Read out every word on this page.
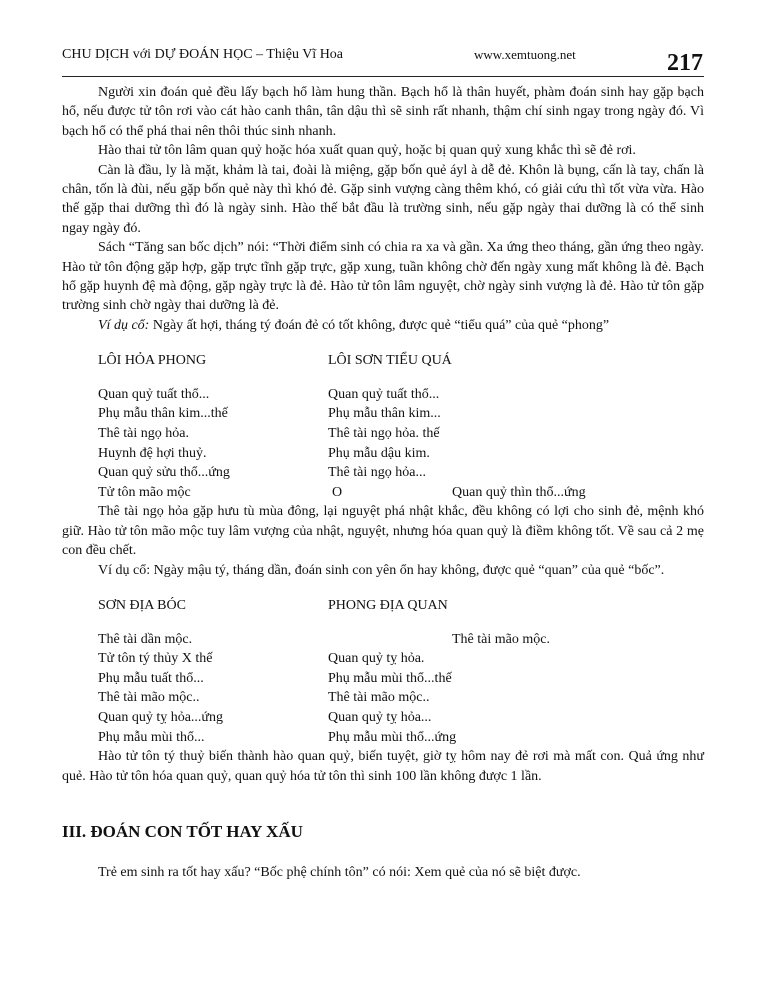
CHU DỊCH với DỰ ĐOÁN HỌC – Thiệu Vĩ Hoa	www.xemtuong.net	217

Người xin đoán quẻ đều lấy bạch hổ làm hung thần. Bạch hổ là thân huyết, phàm đoán sinh hay gặp bạch hổ, nếu được tử tôn rơi vào cát hào canh thân, tân dậu thì sẽ sinh rất nhanh, thậm chí sinh ngay trong ngày đó. Vì bạch hổ có thể phá thai nên thôi thúc sinh nhanh.

Hào thai tử tôn lâm quan quỷ hoặc hóa xuất quan quỷ, hoặc bị quan quỷ xung khắc thì sẽ đẻ rơi.

Càn là đầu, ly là mặt, khảm là tai, đoài là miệng, gặp bốn quẻ áyl à dễ đẻ. Khôn là bụng, cấn là tay, chấn là chân, tốn là đùi, nếu gặp bốn quẻ này thì khó đẻ. Gặp sinh vượng càng thêm khó, có giải cứu thì tốt vừa vừa. Hào thế gặp thai dưỡng thì đó là ngày sinh. Hào thế bắt đầu là trường sinh, nếu gặp ngày thai dưỡng là có thể sinh ngay ngày đó.

Sách “Tăng san bốc dịch” nói: “Thời điểm sinh có chia ra xa và gần. Xa ứng theo tháng, gần ứng theo ngày. Hào tử tôn động gặp hợp, gặp trực tĩnh gặp trực, gặp xung, tuần không chờ đến ngày xung mất không là đẻ. Bạch hổ gặp huynh đệ mà động, gặp ngày trực là đẻ. Hào tử tôn lâm nguyệt, chờ ngày sinh vượng là đẻ. Hào tử tôn gặp trường sinh chờ ngày thai dưỡng là đẻ.

Ví dụ cổ: Ngày ất hợi, tháng tý đoán đẻ có tốt không, được quẻ “tiểu quá” của quẻ “phong”

LÔI HỎA PHONG	LÔI SƠN TIỂU QUÁ
Quan quỷ tuất thổ...	Quan quỷ tuất thổ...
Phụ mẫu thân kim...thế	Phụ mẫu thân kim...
Thê tài ngọ hỏa.	Thê tài ngọ hỏa. thế
Huynh đệ hợi thuỷ.	Phụ mẫu dậu kim.
Quan quỷ sửu thổ...ứng	Thê tài ngọ hỏa...
Tử tôn mão mộc	O	Quan quỷ thìn thổ...ứng

Thê tài ngọ hỏa gặp hưu tù mùa đông, lại nguyệt phá nhật khắc, đều không có lợi cho sinh đẻ, mệnh khó giữ. Hào tử tôn mão mộc tuy lâm vượng của nhật, nguyệt, nhưng hóa quan quỷ là điềm không tốt. Về sau cả 2 mẹ con đều chết.

Ví dụ cổ: Ngày mậu tý, tháng dần, đoán sinh con yên ổn hay không, được quẻ “quan” của quẻ “bốc”.

SƠN ĐỊA BÓC	PHONG ĐỊA QUAN
Thê tài dần mộc.	Thê tài mão mộc.
Tử tôn tý thủy X thế	Quan quỷ tỵ hỏa.
Phụ mẫu tuất thổ...	Phụ mẫu mùi thổ...thế
Thê tài mão mộc..	Thê tài mão mộc..
Quan quỷ tỵ hỏa...ứng	Quan quỷ tỵ hỏa...
Phụ mẫu mùi thổ...	Phụ mẫu mùi thổ...ứng

Hào tử tôn tý thuỷ biến thành hào quan quỷ, biến tuyệt, giờ tỵ hôm nay đẻ rơi mà mất con. Quả ứng như quẻ. Hào tử tôn hóa quan quỷ, quan quỷ hóa tử tôn thì sinh 100 lần không được 1 lần.

III. ĐOÁN CON TỐT HAY XẤU

Trẻ em sinh ra tốt hay xấu? “Bốc phệ chính tôn” có nói: Xem quẻ của nó sẽ biệt được.
